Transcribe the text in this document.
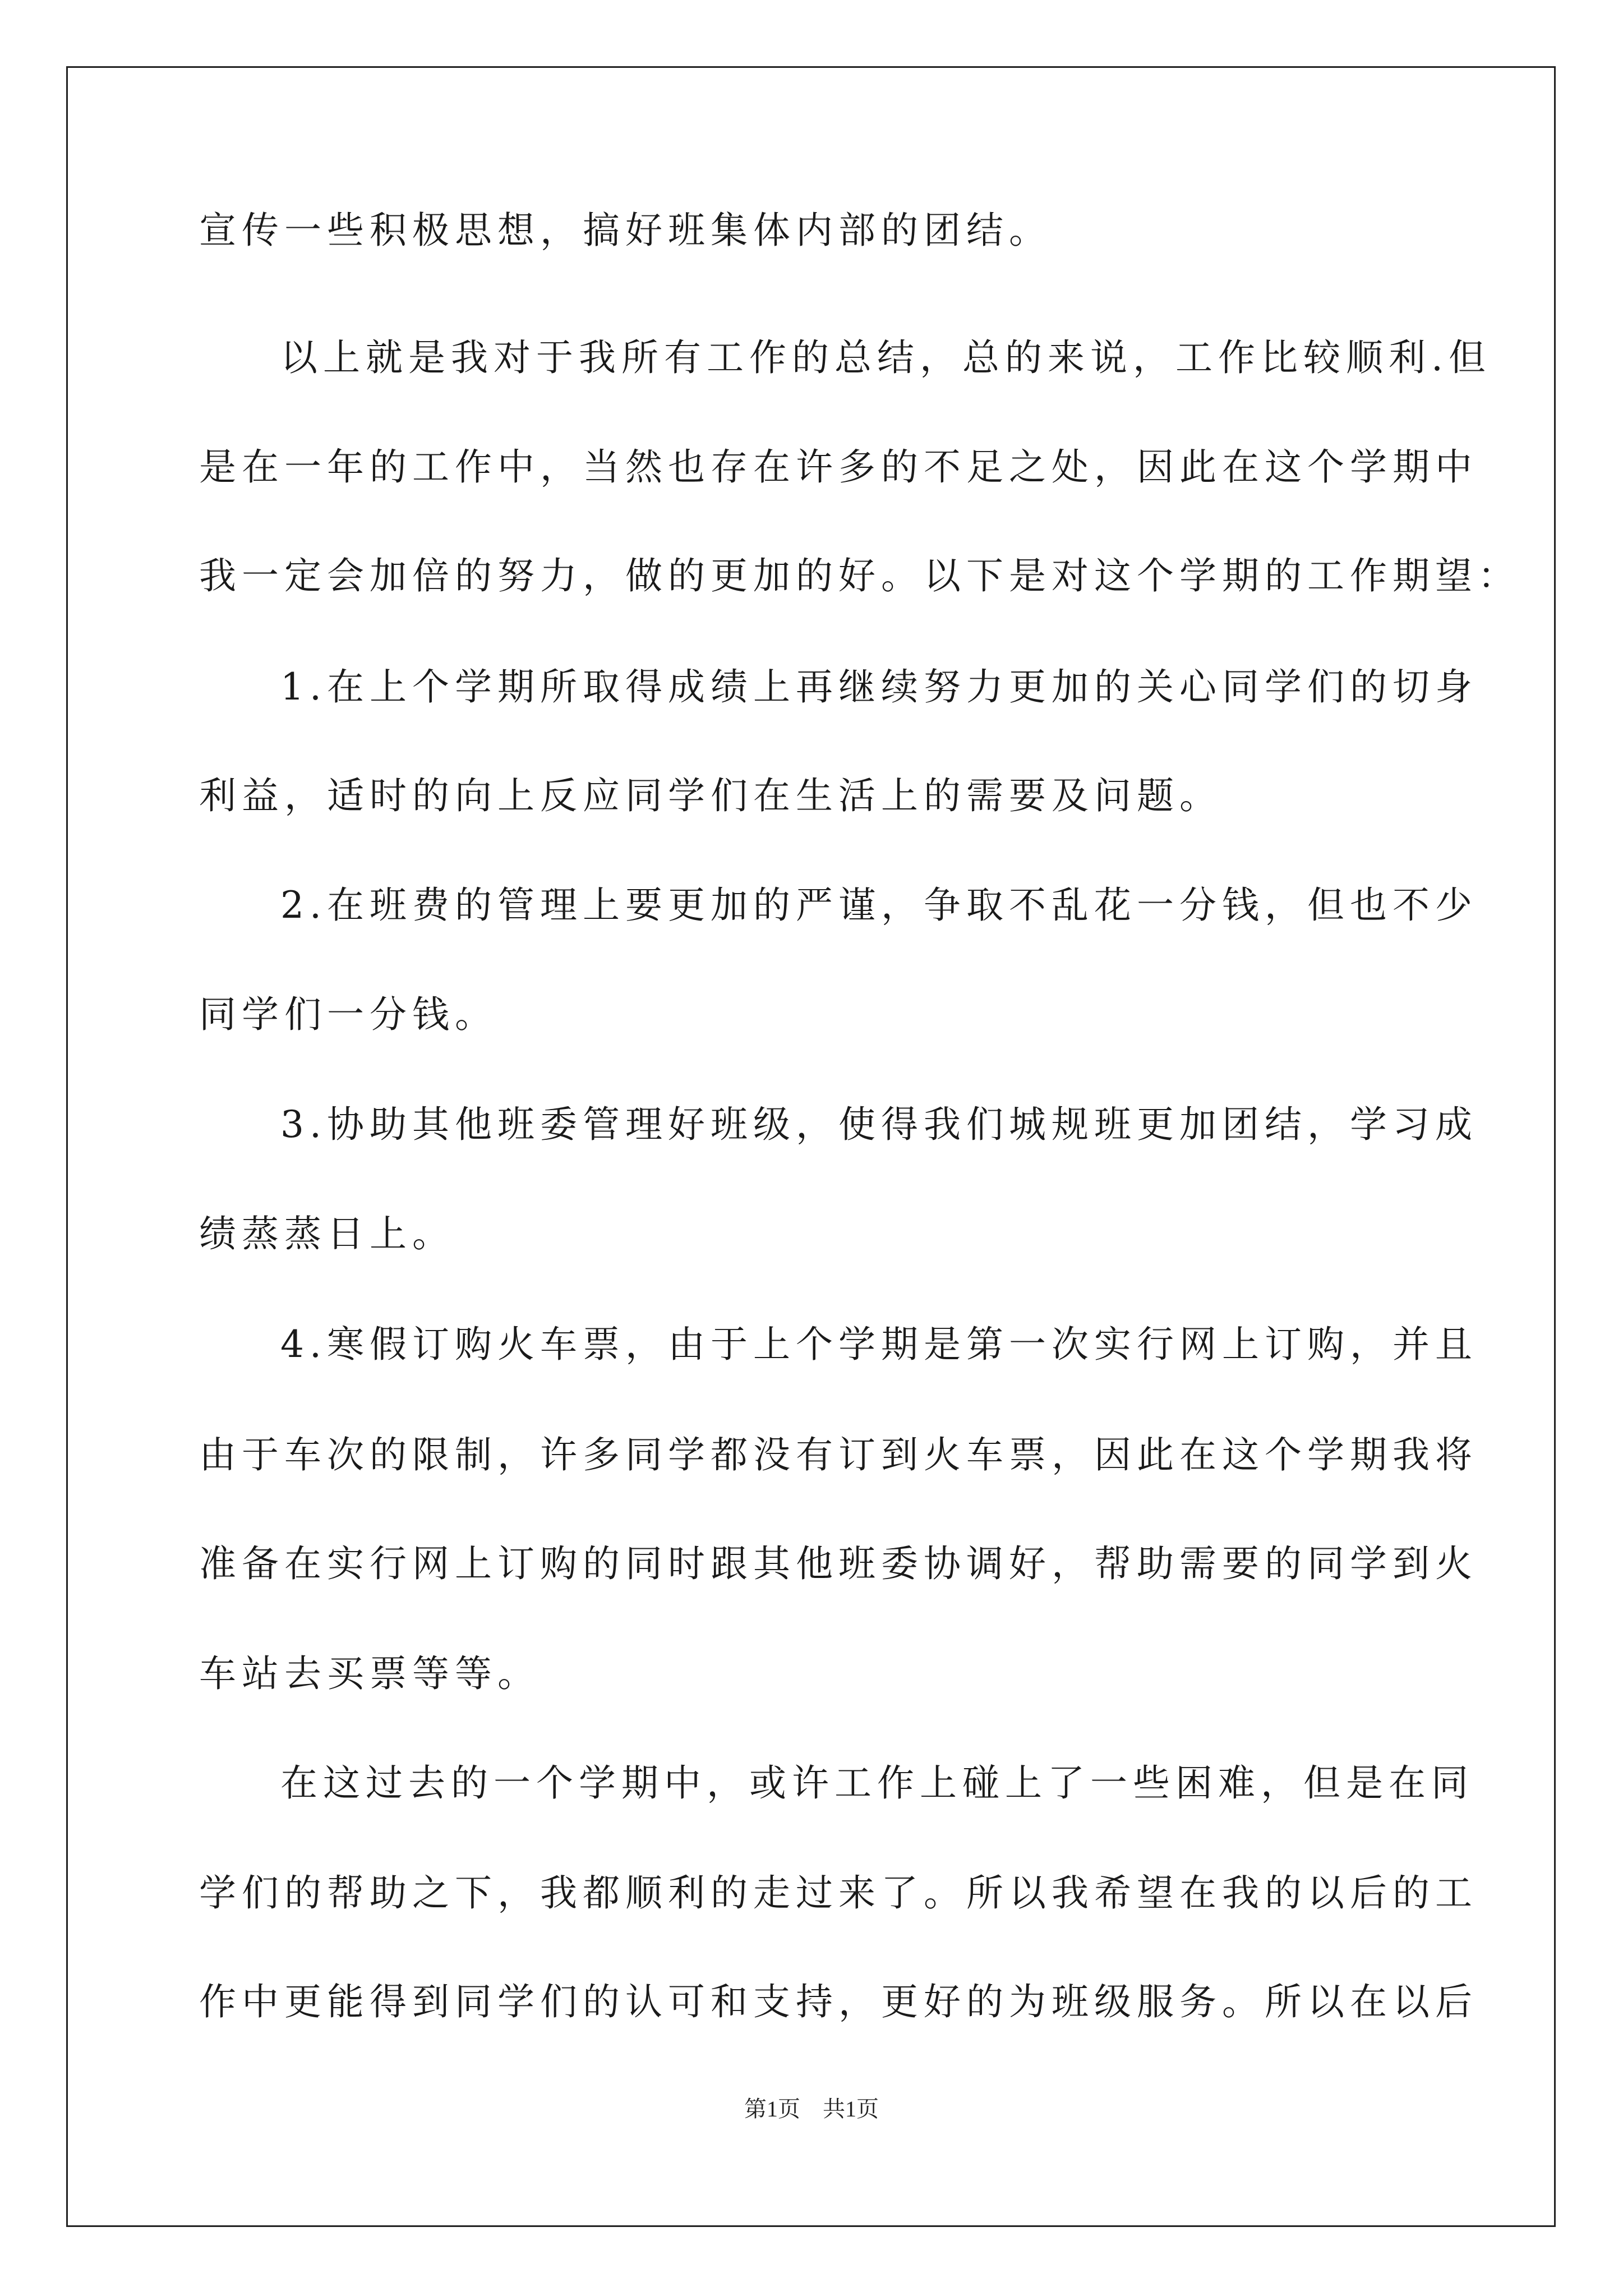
宣传一些积极思想，搞好班集体内部的团结。
以上就是我对于我所有工作的总结，总的来说，工作比较顺利.但
是在一年的工作中，当然也存在许多的不足之处，因此在这个学期中
我一定会加倍的努力，做的更加的好。以下是对这个学期的工作期望：
1.在上个学期所取得成绩上再继续努力更加的关心同学们的切身
利益，适时的向上反应同学们在生活上的需要及问题。
2.在班费的管理上要更加的严谨，争取不乱花一分钱，但也不少
同学们一分钱。
3.协助其他班委管理好班级，使得我们城规班更加团结，学习成
绩蒸蒸日上。
4.寒假订购火车票，由于上个学期是第一次实行网上订购，并且
由于车次的限制，许多同学都没有订到火车票，因此在这个学期我将
准备在实行网上订购的同时跟其他班委协调好，帮助需要的同学到火
车站去买票等等。
在这过去的一个学期中，或许工作上碰上了一些困难，但是在同
学们的帮助之下，我都顺利的走过来了。所以我希望在我的以后的工
作中更能得到同学们的认可和支持，更好的为班级服务。所以在以后
第1页　共1页
